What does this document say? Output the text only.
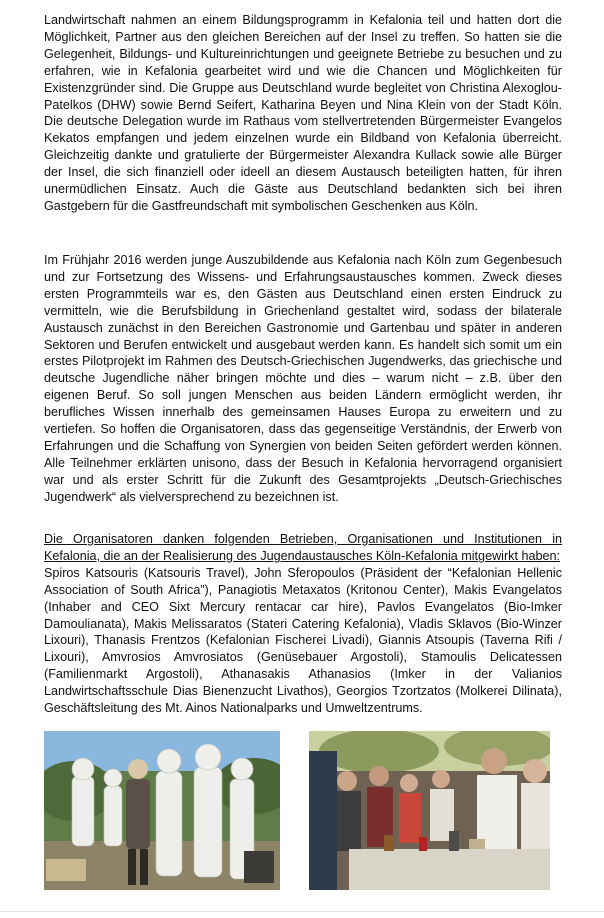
Landwirtschaft nahmen an einem Bildungsprogramm in Kefalonia teil und hatten dort die Möglichkeit, Partner aus den gleichen Bereichen auf der Insel zu treffen. So hatten sie die Gelegenheit, Bildungs- und Kultureinrichtungen und geeignete Betriebe zu besuchen und zu erfahren, wie in Kefalonia gearbeitet wird und wie die Chancen und Möglichkeiten für Existenzgründer sind. Die Gruppe aus Deutschland wurde begleitet von Christina Alexoglou-Patelkos (DHW) sowie Bernd Seifert, Katharina Beyen und Nina Klein von der Stadt Köln. Die deutsche Delegation wurde im Rathaus vom stellvertretenden Bürgermeister Evangelos Kekatos empfangen und jedem einzelnen wurde ein Bildband von Kefalonia überreicht. Gleichzeitig dankte und gratulierte der Bürgermeister Alexandra Kullack sowie alle Bürger der Insel, die sich finanziell oder ideell an diesem Austausch beteiligten hatten, für ihren unermüdlichen Einsatz. Auch die Gäste aus Deutschland bedankten sich bei ihren Gastgebern für die Gastfreundschaft mit symbolischen Geschenken aus Köln.

Im Frühjahr 2016 werden junge Auszubildende aus Kefalonia nach Köln zum Gegenbesuch und zur Fortsetzung des Wissens- und Erfahrungsaustausches kommen. Zweck dieses ersten Programmteils war es, den Gästen aus Deutschland einen ersten Eindruck zu vermitteln, wie die Berufsbildung in Griechenland gestaltet wird, sodass der bilaterale Austausch zunächst in den Bereichen Gastronomie und Gartenbau und später in anderen Sektoren und Berufen entwickelt und ausgebaut werden kann. Es handelt sich somit um ein erstes Pilotprojekt im Rahmen des Deutsch-Griechischen Jugendwerks, das griechische und deutsche Jugendliche näher bringen möchte und dies – warum nicht – z.B. über den eigenen Beruf. So soll jungen Menschen aus beiden Ländern ermöglicht werden, ihr berufliches Wissen innerhalb des gemeinsamen Hauses Europa zu erweitern und zu vertiefen. So hoffen die Organisatoren, dass das gegenseitige Verständnis, der Erwerb von Erfahrungen und die Schaffung von Synergien von beiden Seiten gefördert werden können. Alle Teilnehmer erklärten unisono, dass der Besuch in Kefalonia hervorragend organisiert war und als erster Schritt für die Zukunft des Gesamtprojekts „Deutsch-Griechisches Jugendwerk“ als vielversprechend zu bezeichnen ist.

Die Organisatoren danken folgenden Betrieben, Organisationen und Institutionen in Kefalonia, die an der Realisierung des Jugendaustausches Köln-Kefalonia mitgewirkt haben:

Spiros Katsouris (Katsouris Travel), John Sferopoulos (Präsident der “Kefalonian Hellenic Association of South Africa”), Panagiotis Metaxatos (Kritonou Center), Makis Evangelatos (Inhaber and CEO Sixt Mercury rentacar car hire), Pavlos Evangelatos (Bio-Imker Damoulianata), Makis Melissaratos (Stateri Catering Kefalonia), Vladis Sklavos (Bio-Winzer Lixouri), Thanasis Frentzos (Kefalonian Fischerei Livadi), Giannis Atsoupis (Taverna Rifi / Lixouri), Amvrosios Amvrosiatos (Genüsebauer Argostoli), Stamoulis Delicatessen (Familienmarkt Argostoli), Athanasakis Athanasios (Imker in der Valianios Landwirtschaftsschule Dias Bienenzucht Livathos), Georgios Tzortzatos (Molkerei Dilinata), Geschäftsleitung des Mt. Ainos Nationalparks und Umweltzentrums.
